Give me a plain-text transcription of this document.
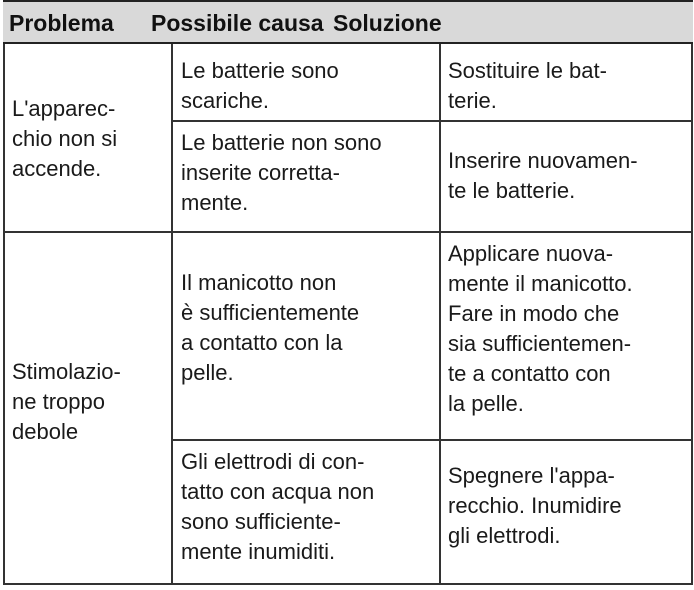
Problema Possibile causa Soluzione
L'apparec-
chio non si
accende.
Le batterie sono
scariche.
Sostituire le bat-
terie.
Le batterie non sono
inserite corretta-
mente.
Inserire nuovamen-
te le batterie.
Stimolazio-
ne troppo
debole
Il manicotto non
è sufficientemente
a contatto con la
pelle.
Applicare nuova-
mente il manicotto.
Fare in modo che
sia sufficientemen-
te a contatto con
la pelle.
Gli elettrodi di con-
tatto con acqua non
sono sufficiente-
mente inumiditi.
Spegnere l'appa-
recchio. Inumidire
gli elettrodi.
